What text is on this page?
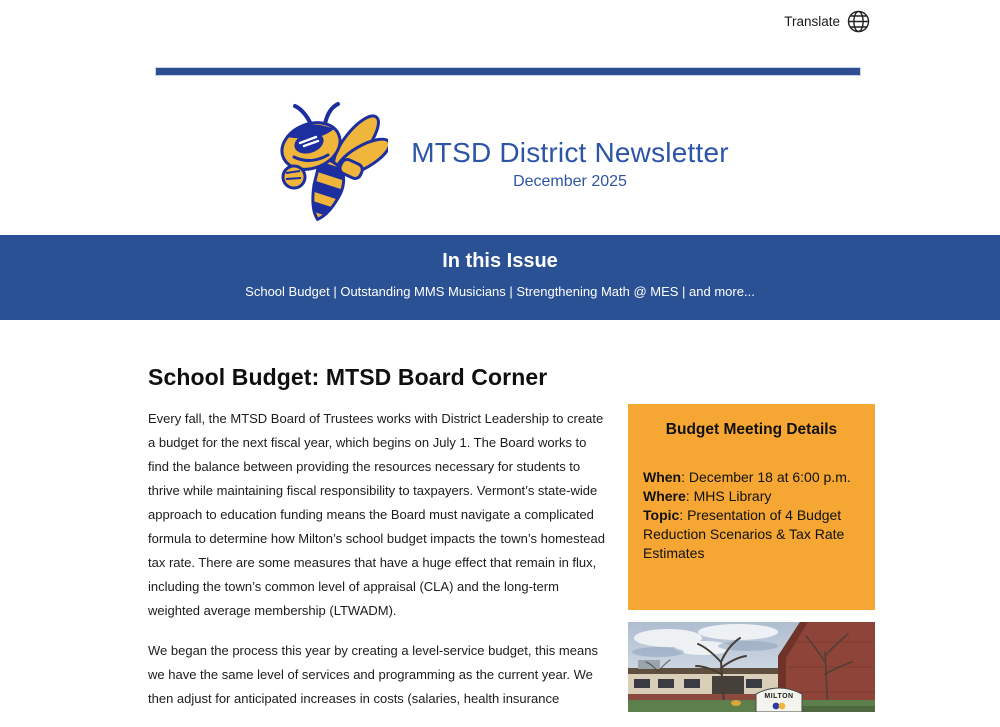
Translate
MTSD District Newsletter
December 2025
In this Issue
School Budget | Outstanding MMS Musicians | Strengthening Math @ MES | and more...
School Budget: MTSD Board Corner

Every fall, the MTSD Board of Trustees works with District Leadership to create a budget for the next fiscal year, which begins on July 1. The Board works to find the balance between providing the resources necessary for students to thrive while maintaining fiscal responsibility to taxpayers. Vermont’s state-wide approach to education funding means the Board must navigate a complicated formula to determine how Milton’s school budget impacts the town’s homestead tax rate. There are some measures that have a huge effect that remain in flux, including the town’s common level of appraisal (CLA) and the long-term weighted average membership (LTWADM).

We began the process this year by creating a level-service budget, this means we have the same level of services and programming as the current year. We then adjust for anticipated increases in costs (salaries, health insurance

Budget Meeting Details
When: December 18 at 6:00 p.m.
Where: MHS Library
Topic: Presentation of 4 Budget Reduction Scenarios & Tax Rate Estimates
MILTON
